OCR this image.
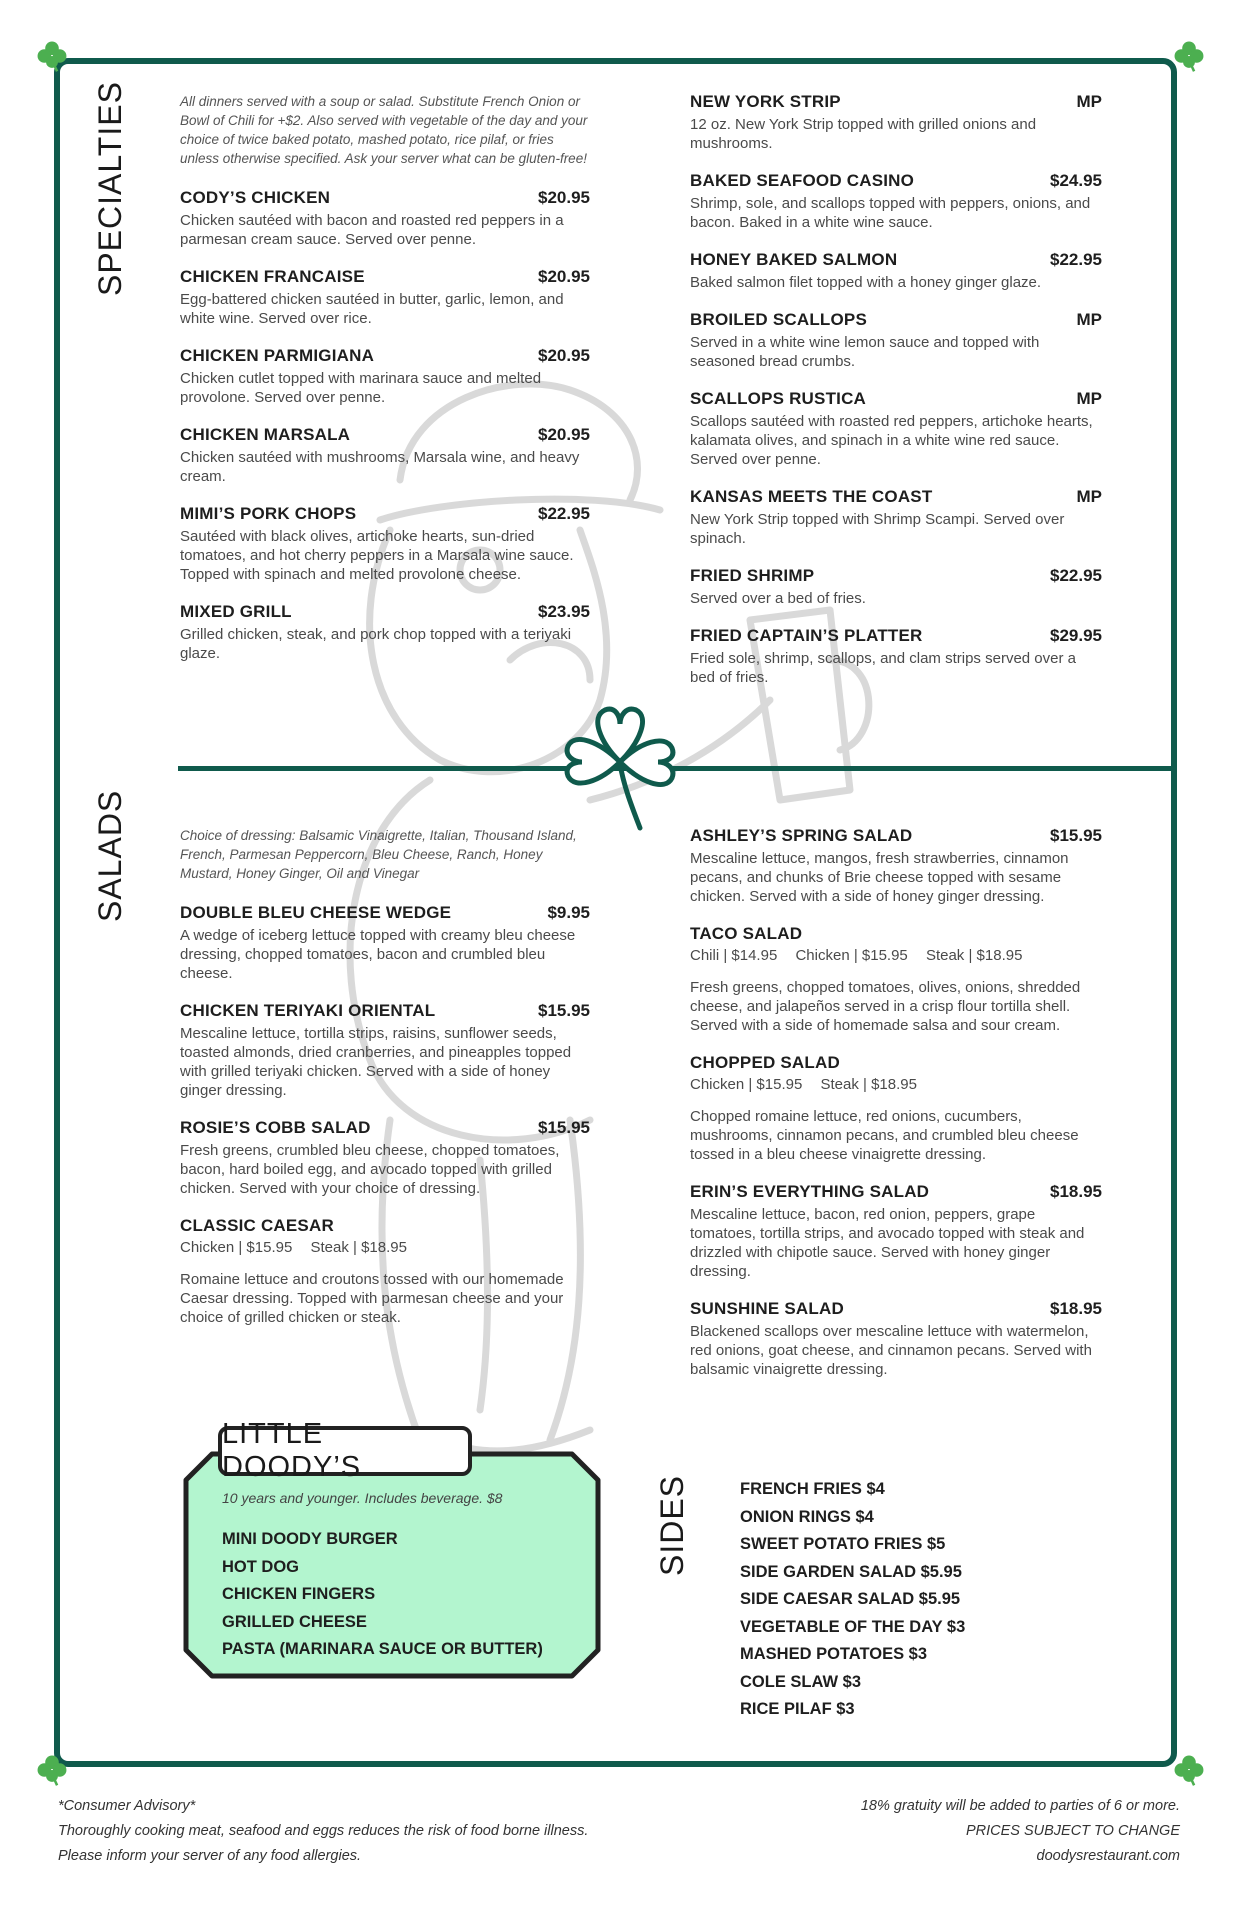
SPECIALTIES	All dinners served with a soup or salad. Substitute French Onion or Bowl of Chili for +$2. Also served with vegetable of the day and your choice of twice baked potato, mashed potato, rice pilaf, or fries unless otherwise specified. Ask your server what can be gluten-free!

CODY’S CHICKEN	$20.95
Chicken sautéed with bacon and roasted red peppers in a parmesan cream sauce. Served over penne.
CHICKEN FRANCAISE	$20.95
Egg-battered chicken sautéed in butter, garlic, lemon, and white wine. Served over rice.
CHICKEN PARMIGIANA	$20.95
Chicken cutlet topped with marinara sauce and melted provolone. Served over penne.
CHICKEN MARSALA	$20.95
Chicken sautéed with mushrooms, Marsala wine, and heavy cream.
MIMI’S PORK CHOPS	$22.95
Sautéed with black olives, artichoke hearts, sun-dried tomatoes, and hot cherry peppers in a Marsala wine sauce. Topped with spinach and melted provolone cheese.
MIXED GRILL	$23.95
Grilled chicken, steak, and pork chop topped with a teriyaki glaze.
NEW YORK STRIP	MP
12 oz. New York Strip topped with grilled onions and mushrooms.
BAKED SEAFOOD CASINO	$24.95
Shrimp, sole, and scallops topped with peppers, onions, and bacon. Baked in a white wine sauce.
HONEY BAKED SALMON	$22.95
Baked salmon filet topped with a honey ginger glaze.
BROILED SCALLOPS	MP
Served in a white wine lemon sauce and topped with seasoned bread crumbs.
SCALLOPS RUSTICA	MP
Scallops sautéed with roasted red peppers, artichoke hearts, kalamata olives, and spinach in a white wine red sauce. Served over penne.
KANSAS MEETS THE COAST	MP
New York Strip topped with Shrimp Scampi. Served over spinach.
FRIED SHRIMP	$22.95
Served over a bed of fries.
FRIED CAPTAIN’S PLATTER	$29.95
Fried sole, shrimp, scallops, and clam strips served over a bed of fries.
SALADS	Choice of dressing: Balsamic Vinaigrette, Italian, Thousand Island, French, Parmesan Peppercorn, Bleu Cheese, Ranch, Honey Mustard, Honey Ginger, Oil and Vinegar

DOUBLE BLEU CHEESE WEDGE	$9.95
A wedge of iceberg lettuce topped with creamy bleu cheese dressing, chopped tomatoes, bacon and crumbled bleu cheese.
CHICKEN TERIYAKI ORIENTAL	$15.95
Mescaline lettuce, tortilla strips, raisins, sunflower seeds, toasted almonds, dried cranberries, and pineapples topped with grilled teriyaki chicken. Served with a side of honey ginger dressing.
ROSIE’S COBB SALAD	$15.95
Fresh greens, crumbled bleu cheese, chopped tomatoes, bacon, hard boiled egg, and avocado topped with grilled chicken. Served with your choice of dressing.
CLASSIC CAESAR
Chicken | $15.95 Steak | $18.95
Romaine lettuce and croutons tossed with our homemade Caesar dressing. Topped with parmesan cheese and your choice of grilled chicken or steak.
ASHLEY’S SPRING SALAD	$15.95
Mescaline lettuce, mangos, fresh strawberries, cinnamon pecans, and chunks of Brie cheese topped with sesame chicken. Served with a side of honey ginger dressing.
TACO SALAD
Chili | $14.95 Chicken | $15.95 Steak | $18.95
Fresh greens, chopped tomatoes, olives, onions, shredded cheese, and jalapeños served in a crisp flour tortilla shell. Served with a side of homemade salsa and sour cream.
CHOPPED SALAD
Chicken | $15.95 Steak | $18.95
Chopped romaine lettuce, red onions, cucumbers, mushrooms, cinnamon pecans, and crumbled bleu cheese tossed in a bleu cheese vinaigrette dressing.
ERIN’S EVERYTHING SALAD	$18.95
Mescaline lettuce, bacon, red onion, peppers, grape tomatoes, tortilla strips, and avocado topped with steak and drizzled with chipotle sauce. Served with honey ginger dressing.
SUNSHINE SALAD	$18.95
Blackened scallops over mescaline lettuce with watermelon, red onions, goat cheese, and cinnamon pecans. Served with balsamic vinaigrette dressing.
LITTLE DOODY’S
10 years and younger. Includes beverage. $8
MINI DOODY BURGER
HOT DOG
CHICKEN FINGERS
GRILLED CHEESE
PASTA (MARINARA SAUCE OR BUTTER)
SIDES	FRENCH FRIES $4
ONION RINGS $4
SWEET POTATO FRIES $5
SIDE GARDEN SALAD $5.95
SIDE CAESAR SALAD $5.95
VEGETABLE OF THE DAY $3
MASHED POTATOES $3
COLE SLAW $3
RICE PILAF $3
*Consumer Advisory*
Thoroughly cooking meat, seafood and eggs reduces the risk of food borne illness.
Please inform your server of any food allergies.
18% gratuity will be added to parties of 6 or more.
PRICES SUBJECT TO CHANGE
doodysrestaurant.com
